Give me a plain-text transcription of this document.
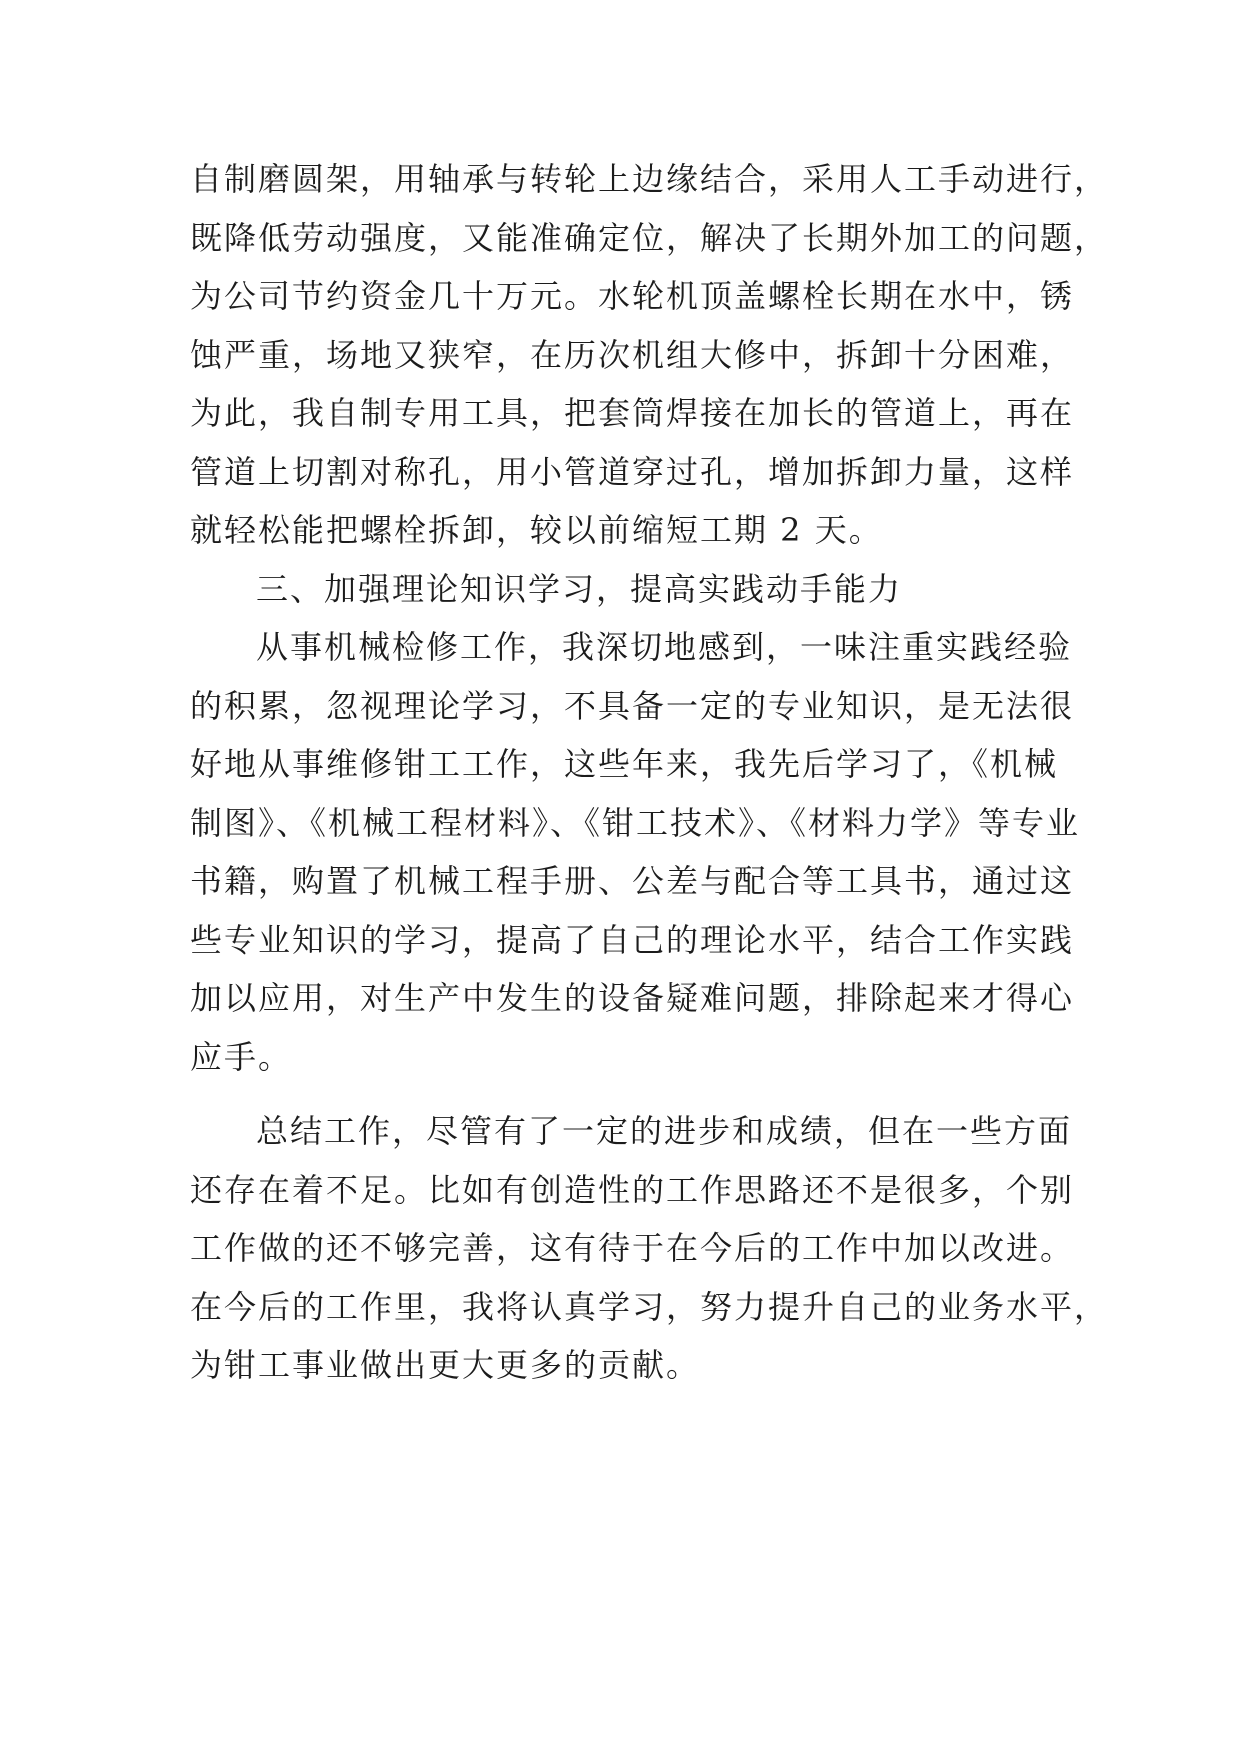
自制磨圆架，用轴承与转轮上边缘结合，采用人工手动进行，
既降低劳动强度，又能准确定位，解决了长期外加工的问题，
为公司节约资金几十万元。水轮机顶盖螺栓长期在水中，锈
蚀严重，场地又狭窄，在历次机组大修中，拆卸十分困难，
为此，我自制专用工具，把套筒焊接在加长的管道上，再在
管道上切割对称孔，用小管道穿过孔，增加拆卸力量，这样
就轻松能把螺栓拆卸，较以前缩短工期 2 天。
三、加强理论知识学习，提高实践动手能力
从事机械检修工作，我深切地感到，一味注重实践经验
的积累，忽视理论学习，不具备一定的专业知识，是无法很
好地从事维修钳工工作，这些年来，我先后学习了，《机械
制图》、《机械工程材料》、《钳工技术》、《材料力学》等专业
书籍，购置了机械工程手册、公差与配合等工具书，通过这
些专业知识的学习，提高了自己的理论水平，结合工作实践
加以应用，对生产中发生的设备疑难问题，排除起来才得心
应手。
总结工作，尽管有了一定的进步和成绩，但在一些方面
还存在着不足。比如有创造性的工作思路还不是很多，个别
工作做的还不够完善，这有待于在今后的工作中加以改进。
在今后的工作里，我将认真学习，努力提升自己的业务水平，
为钳工事业做出更大更多的贡献。
